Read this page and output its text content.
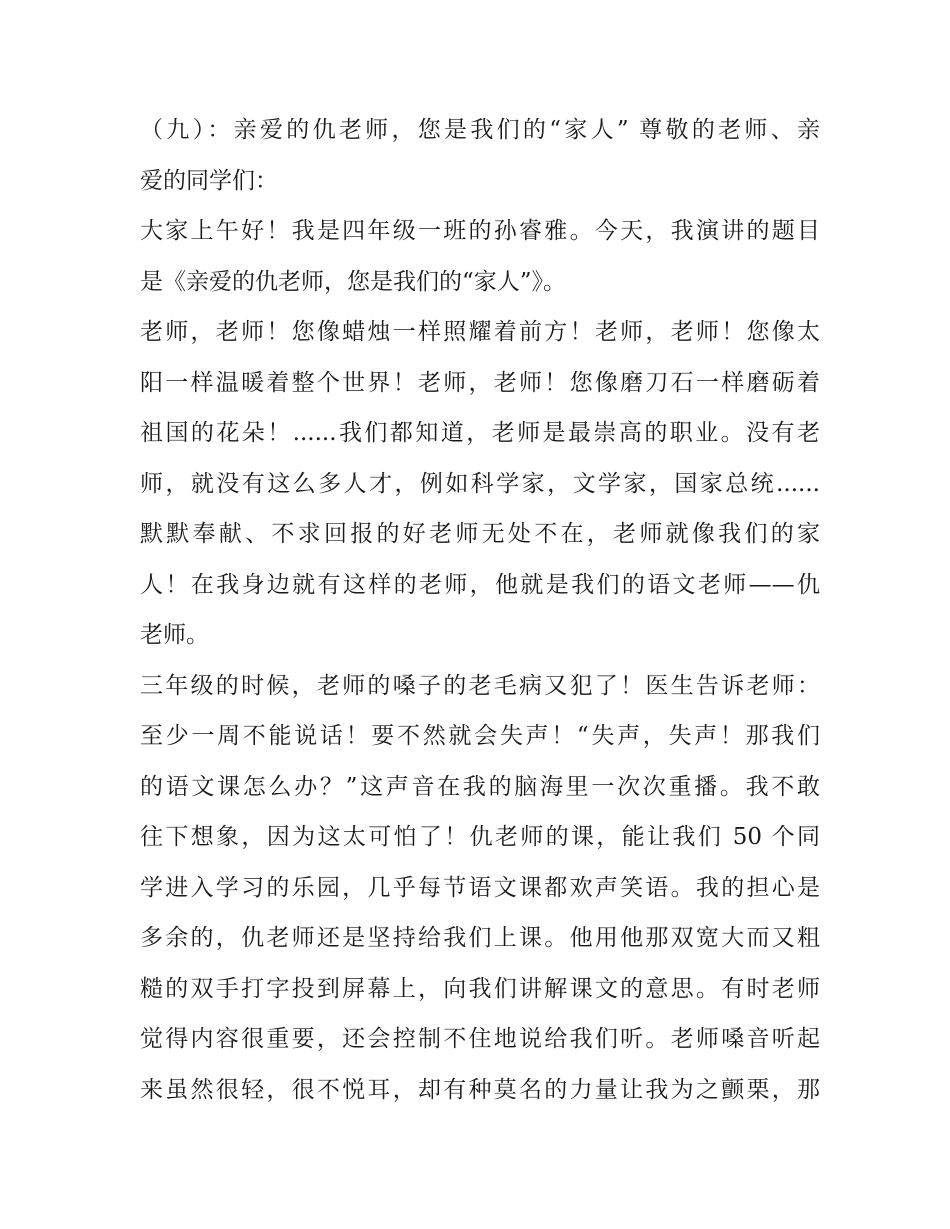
（九）：亲爱的仇老师，您是我们的“家人” 尊敬的老师、亲
爱的同学们：
大家上午好！我是四年级一班的孙睿雅。今天，我演讲的题目
是《亲爱的仇老师，您是我们的“家人”》。
老师，老师！您像蜡烛一样照耀着前方！老师，老师！您像太
阳一样温暖着整个世界！老师，老师！您像磨刀石一样磨砺着
祖国的花朵！......我们都知道，老师是最崇高的职业。没有老
师，就没有这么多人才，例如科学家，文学家，国家总统......
默默奉献、不求回报的好老师无处不在，老师就像我们的家
人！在我身边就有这样的老师，他就是我们的语文老师——仇
老师。
三年级的时候，老师的嗓子的老毛病又犯了！医生告诉老师：
至少一周不能说话！要不然就会失声！“失声，失声！那我们
的语文课怎么办？”这声音在我的脑海里一次次重播。我不敢
往下想象，因为这太可怕了！仇老师的课，能让我们 50 个同
学进入学习的乐园，几乎每节语文课都欢声笑语。我的担心是
多余的，仇老师还是坚持给我们上课。他用他那双宽大而又粗
糙的双手打字投到屏幕上，向我们讲解课文的意思。有时老师
觉得内容很重要，还会控制不住地说给我们听。老师嗓音听起
来虽然很轻，很不悦耳，却有种莫名的力量让我为之颤栗，那
